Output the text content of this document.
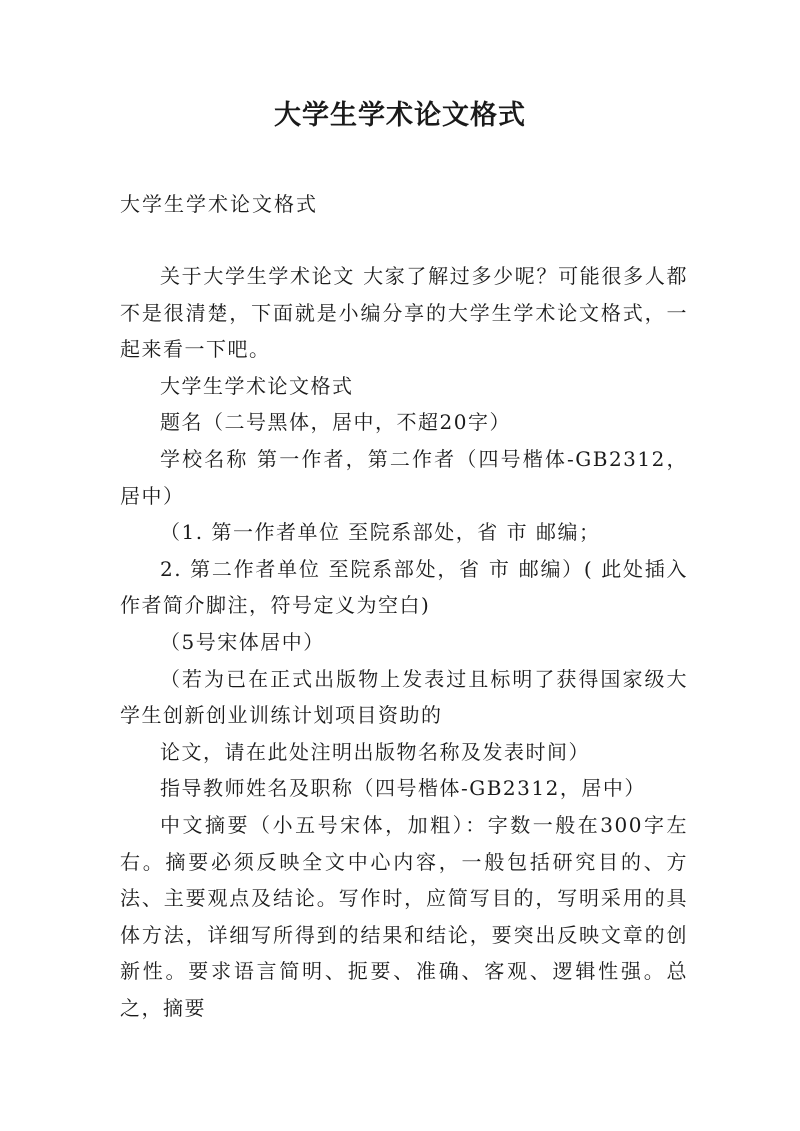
大学生学术论文格式
大学生学术论文格式

关于大学生学术论文 大家了解过多少呢？可能很多人都不是很清楚，下面就是小编分享的大学生学术论文格式，一起来看一下吧。

大学生学术论文格式

题名（二号黑体，居中，不超20字）

学校名称 第一作者，第二作者（四号楷体-GB2312，居中）

（1. 第一作者单位 至院系部处，省 市 邮编；

2. 第二作者单位 至院系部处，省 市 邮编）( 此处插入作者简介脚注，符号定义为空白)

（5号宋体居中）

（若为已在正式出版物上发表过且标明了获得国家级大学生创新创业训练计划项目资助的

论文，请在此处注明出版物名称及发表时间）

指导教师姓名及职称（四号楷体-GB2312，居中）

中文摘要（小五号宋体，加粗）：字数一般在300字左右。摘要必须反映全文中心内容，一般包括研究目的、方法、主要观点及结论。写作时，应简写目的，写明采用的具体方法，详细写所得到的结果和结论，要突出反映文章的创新性。要求语言简明、扼要、准确、客观、逻辑性强。总之，摘要
